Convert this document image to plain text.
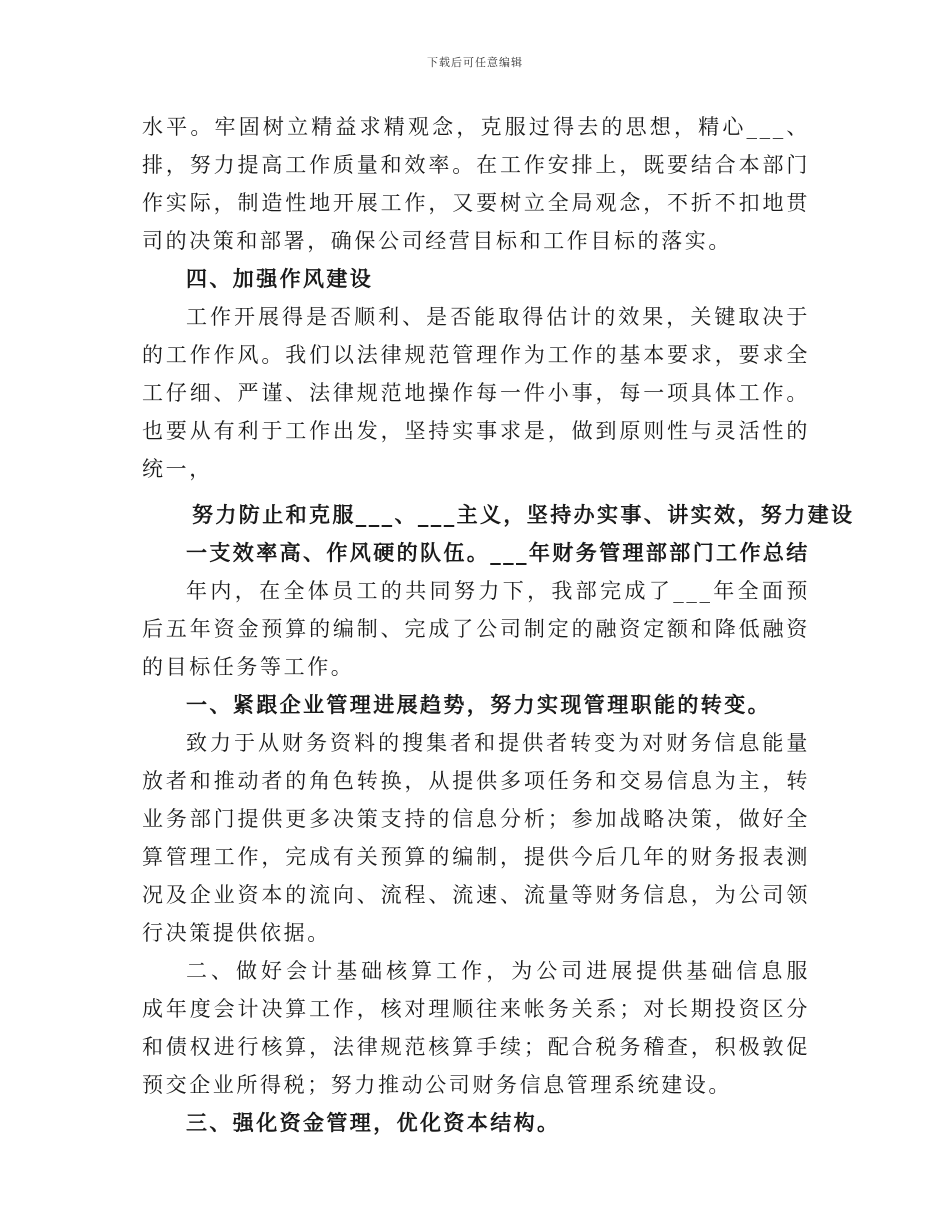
下载后可任意编辑
水平。牢固树立精益求精观念，克服过得去的思想，精心___、
排，努力提高工作质量和效率。在工作安排上，既要结合本部门
作实际，制造性地开展工作，又要树立全局观念，不折不扣地贯
司的决策和部署，确保公司经营目标和工作目标的落实。
四、加强作风建设
工作开展得是否顺利、是否能取得估计的效果，关键取决于
的工作作风。我们以法律规范管理作为工作的基本要求，要求全
工仔细、严谨、法律规范地操作每一件小事，每一项具体工作。
也要从有利于工作出发，坚持实事求是，做到原则性与灵活性的
统一，
努力防止和克服___、___主义，坚持办实事、讲实效，努力建设
一支效率高、作风硬的队伍。___年财务管理部部门工作总结
年内，在全体员工的共同努力下，我部完成了___年全面预
后五年资金预算的编制、完成了公司制定的融资定额和降低融资
的目标任务等工作。
一、紧跟企业管理进展趋势，努力实现管理职能的转变。
致力于从财务资料的搜集者和提供者转变为对财务信息能量
放者和推动者的角色转换，从提供多项任务和交易信息为主，转
业务部门提供更多决策支持的信息分析；参加战略决策，做好全
算管理工作，完成有关预算的编制，提供今后几年的财务报表测
况及企业资本的流向、流程、流速、流量等财务信息，为公司领
行决策提供依据。
二、做好会计基础核算工作，为公司进展提供基础信息服
成年度会计决算工作，核对理顺往来帐务关系；对长期投资区分
和债权进行核算，法律规范核算手续；配合税务稽查，积极敦促
预交企业所得税；努力推动公司财务信息管理系统建设。
三、强化资金管理，优化资本结构。
